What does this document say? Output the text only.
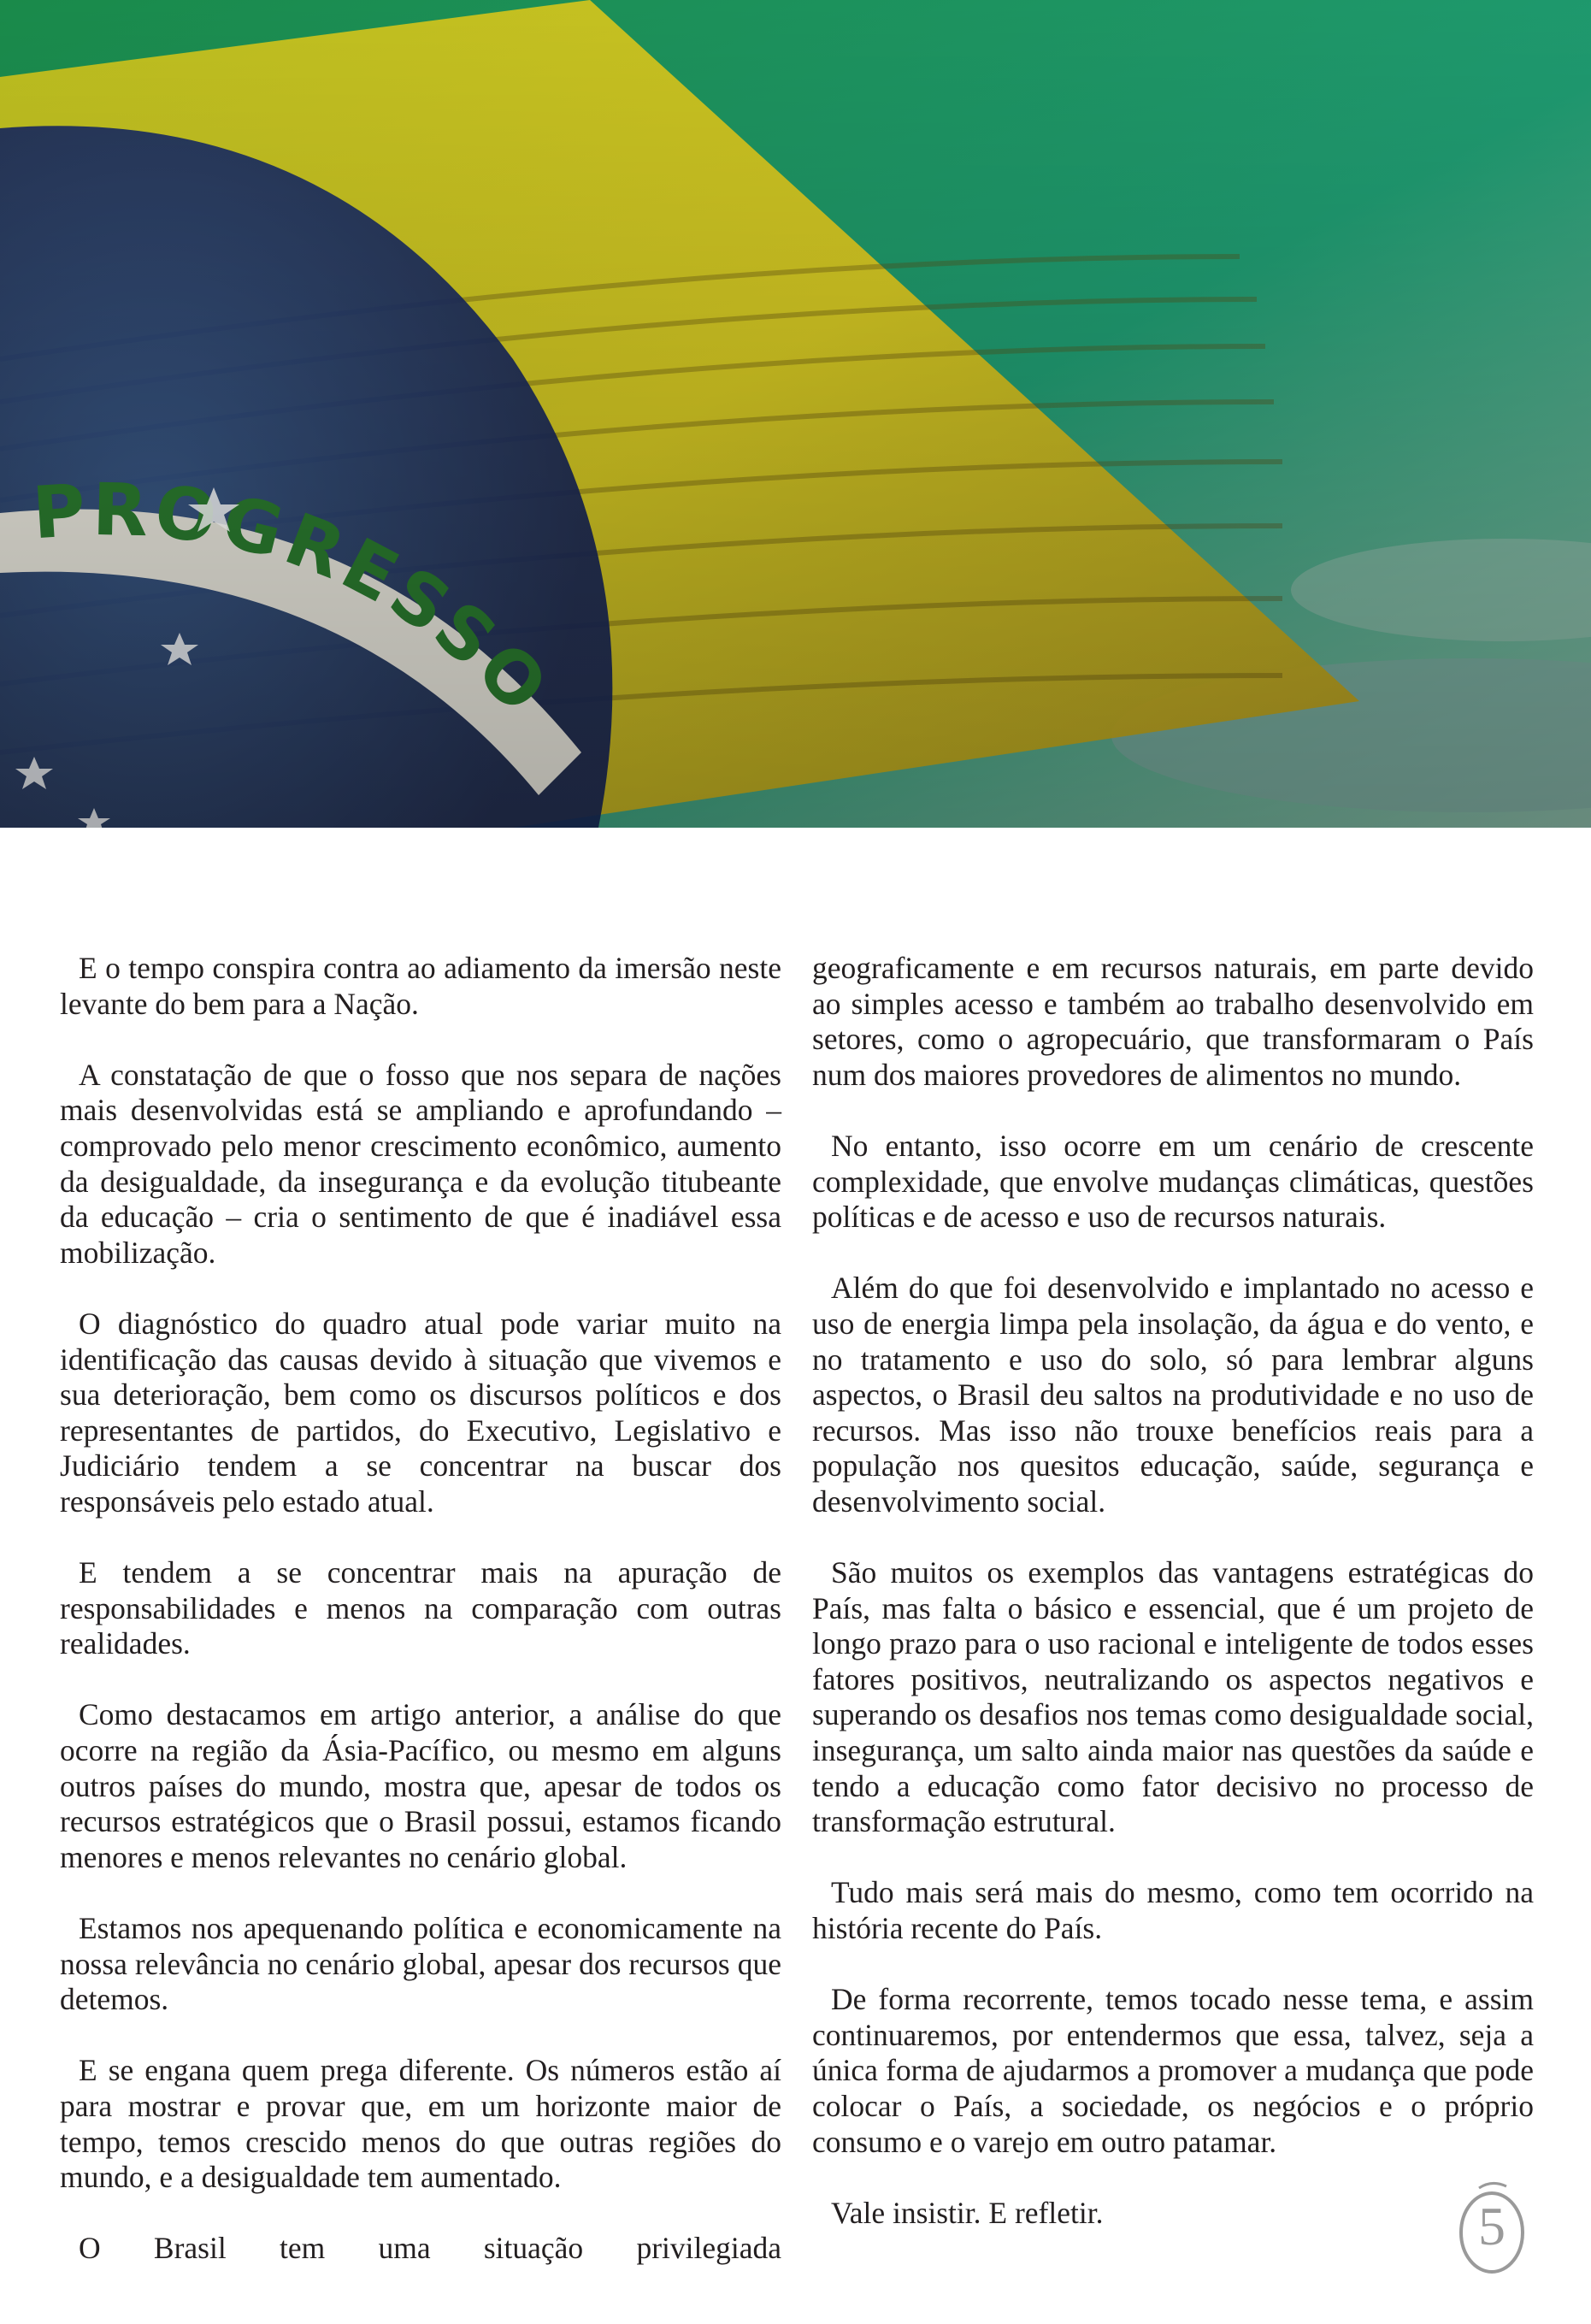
E o tempo conspira contra ao adiamento da imersão neste levante do bem para a Nação.

A constatação de que o fosso que nos separa de nações mais desenvolvidas está se ampliando e aprofundando – comprovado pelo menor crescimento econômico, aumento da desigualdade, da insegurança e da evolução titubeante da educação – cria o sentimento de que é inadiável essa mobilização.

O diagnóstico do quadro atual pode variar muito na identificação das causas devido à situação que vivemos e sua deterioração, bem como os discursos políticos e dos representantes de partidos, do Executivo, Legislativo e Judiciário tendem a se concentrar na buscar dos responsáveis pelo estado atual.

E tendem a se concentrar mais na apuração de responsabilidades e menos na comparação com outras realidades.

Como destacamos em artigo anterior, a análise do que ocorre na região da Ásia-Pacífico, ou mesmo em alguns outros países do mundo, mostra que, apesar de todos os recursos estratégicos que o Brasil possui, estamos ficando menores e menos relevantes no cenário global.

Estamos nos apequenando política e economicamente na nossa relevância no cenário global, apesar dos recursos que detemos.

E se engana quem prega diferente. Os números estão aí para mostrar e provar que, em um horizonte maior de tempo, temos crescido menos do que outras regiões do mundo, e a desigualdade tem aumentado.

O Brasil tem uma situação privilegiada

geograficamente e em recursos naturais, em parte devido ao simples acesso e também ao trabalho desenvolvido em setores, como o agropecuário, que transformaram o País num dos maiores provedores de alimentos no mundo.

No entanto, isso ocorre em um cenário de crescente complexidade, que envolve mudanças climáticas, questões políticas e de acesso e uso de recursos naturais.

Além do que foi desenvolvido e implantado no acesso e uso de energia limpa pela insolação, da água e do vento, e no tratamento e uso do solo, só para lembrar alguns aspectos, o Brasil deu saltos na produtividade e no uso de recursos. Mas isso não trouxe benefícios reais para a população nos quesitos educação, saúde, segurança e desenvolvimento social.

São muitos os exemplos das vantagens estratégicas do País, mas falta o básico e essencial, que é um projeto de longo prazo para o uso racional e inteligente de todos esses fatores positivos, neutralizando os aspectos negativos e superando os desafios nos temas como desigualdade social, insegurança, um salto ainda maior nas questões da saúde e tendo a educação como fator decisivo no processo de transformação estrutural.

Tudo mais será mais do mesmo, como tem ocorrido na história recente do País.

De forma recorrente, temos tocado nesse tema, e assim continuaremos, por entendermos que essa, talvez, seja a única forma de ajudarmos a promover a mudança que pode colocar o País, a sociedade, os negócios e o próprio consumo e o varejo em outro patamar.

Vale insistir. E refletir.	5
